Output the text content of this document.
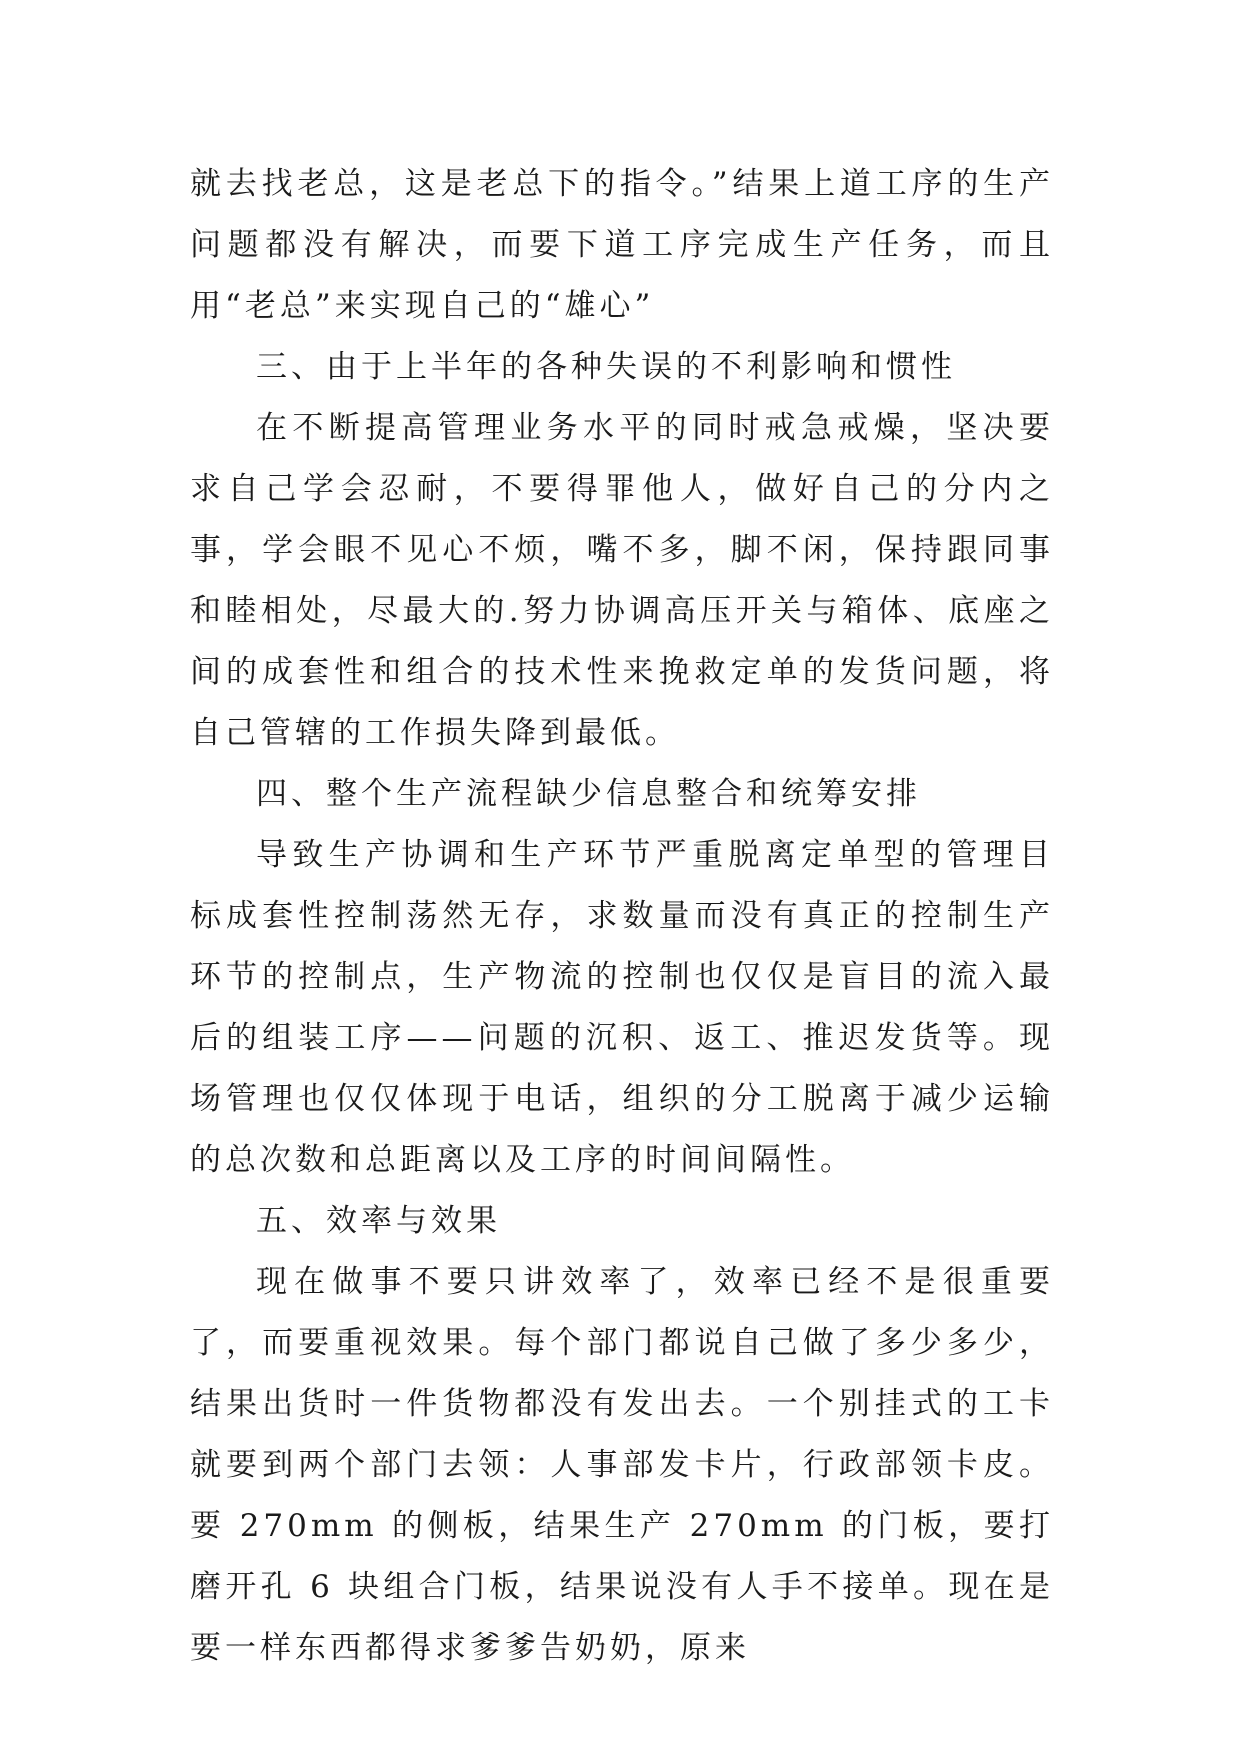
就去找老总，这是老总下的指令。”结果上道工序的生产问题都没有解决，而要下道工序完成生产任务，而且用“老总”来实现自己的“雄心”

三、由于上半年的各种失误的不利影响和惯性

在不断提高管理业务水平的同时戒急戒燥，坚决要求自己学会忍耐，不要得罪他人，做好自己的分内之事，学会眼不见心不烦，嘴不多，脚不闲，保持跟同事和睦相处，尽最大的.努力协调高压开关与箱体、底座之间的成套性和组合的技术性来挽救定单的发货问题，将自己管辖的工作损失降到最低。

四、整个生产流程缺少信息整合和统筹安排

导致生产协调和生产环节严重脱离定单型的管理目标成套性控制荡然无存，求数量而没有真正的控制生产环节的控制点，生产物流的控制也仅仅是盲目的流入最后的组装工序——问题的沉积、返工、推迟发货等。现场管理也仅仅体现于电话，组织的分工脱离于减少运输的总次数和总距离以及工序的时间间隔性。

五、效率与效果

现在做事不要只讲效率了，效率已经不是很重要了，而要重视效果。每个部门都说自己做了多少多少，结果出货时一件货物都没有发出去。一个别挂式的工卡就要到两个部门去领：人事部发卡片，行政部领卡皮。要 270mm 的侧板，结果生产 270mm 的门板，要打磨开孔 6 块组合门板，结果说没有人手不接单。现在是要一样东西都得求爹爹告奶奶，原来
